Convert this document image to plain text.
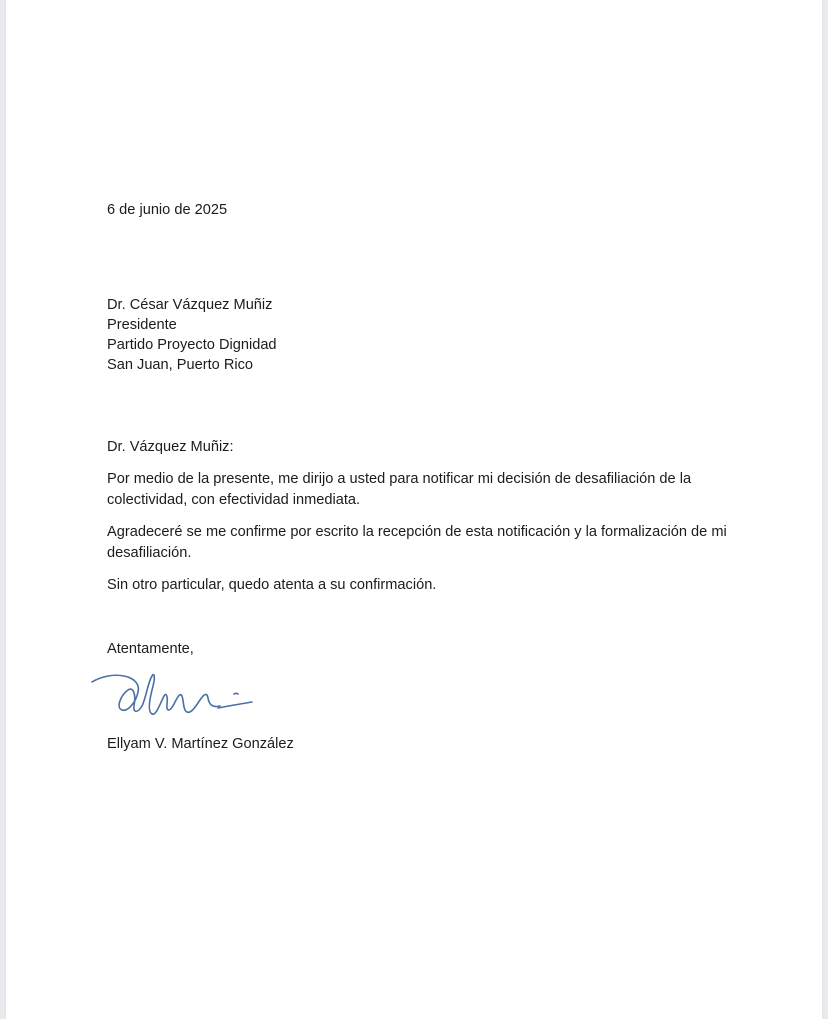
6 de junio de 2025
Dr. César Vázquez Muñiz
Presidente
Partido Proyecto Dignidad
San Juan, Puerto Rico
Dr. Vázquez Muñiz:
Por medio de la presente, me dirijo a usted para notificar mi decisión de desafiliación de la colectividad, con efectividad inmediata.
Agradeceré se me confirme por escrito la recepción de esta notificación y la formalización de mi desafiliación.
Sin otro particular, quedo atenta a su confirmación.
Atentamente,
Ellyam V. Martínez González
